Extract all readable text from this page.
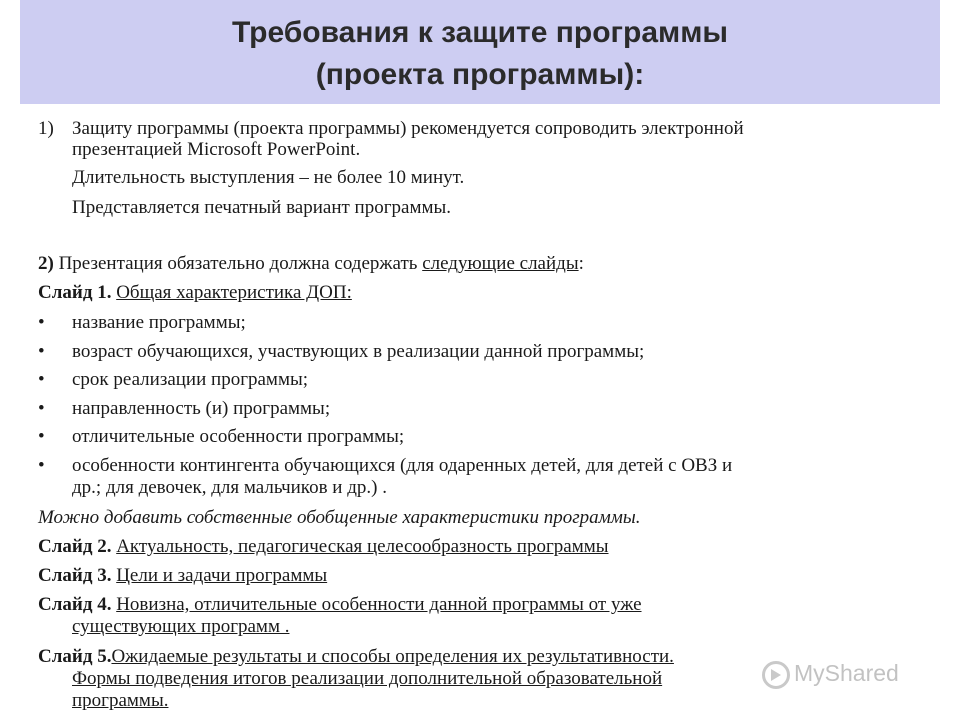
Требования к защите программы
(проекта программы):
1) Защиту программы (проекта программы) рекомендуется сопроводить электронной
презентацией Microsoft PowerPoint.
Длительность выступления – не более 10 минут.
Представляется печатный вариант программы.
2) Презентация обязательно должна содержать следующие слайды:
Слайд 1. Общая характеристика ДОП:
• название программы;
• возраст обучающихся, участвующих в реализации данной программы;
• срок реализации программы;
• направленность (и) программы;
• отличительные особенности программы;
• особенности контингента обучающихся (для одаренных детей, для детей с ОВЗ и
др.; для девочек, для мальчиков и др.) .
Можно добавить собственные обобщенные характеристики программы.
Слайд 2. Актуальность, педагогическая целесообразность программы
Слайд 3. Цели и задачи программы
Слайд 4. Новизна, отличительные особенности данной программы от уже
существующих программ .
Слайд 5.Ожидаемые результаты и способы определения их результативности.
Формы подведения итогов реализации дополнительной образовательной
программы.
MyShared
